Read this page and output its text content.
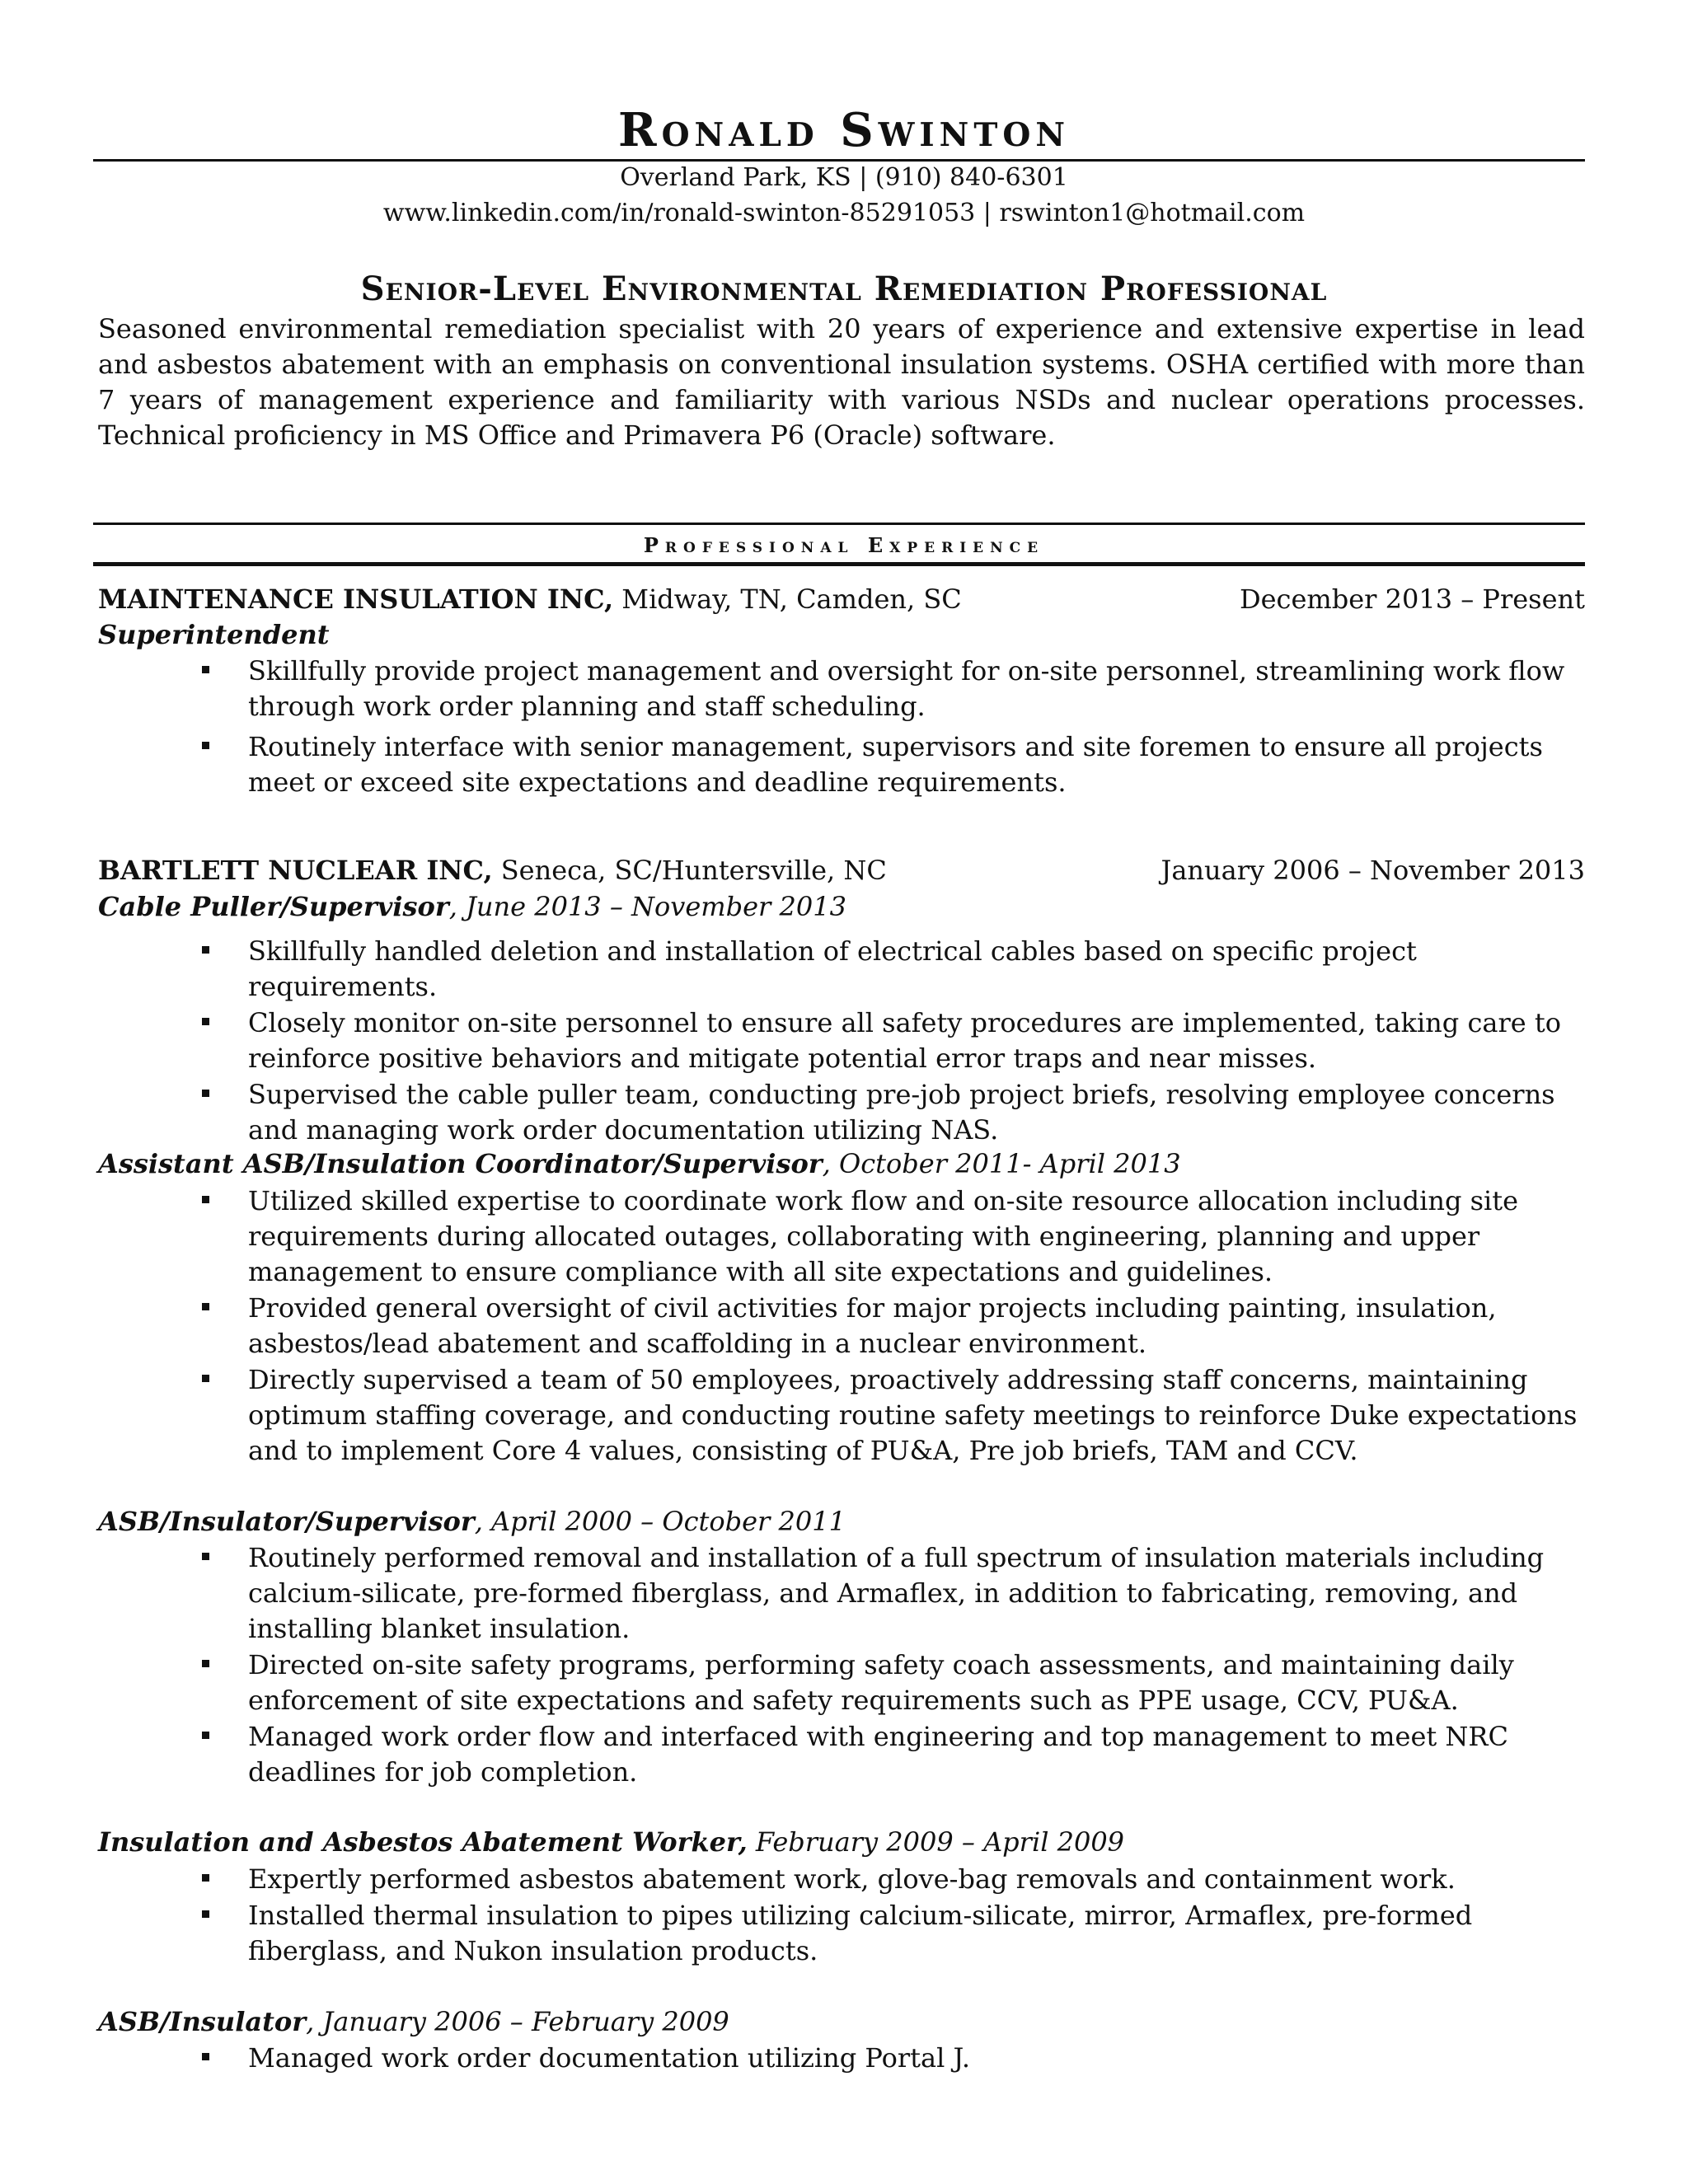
Ronald Swinton
Overland Park, KS | (910) 840-6301
www.linkedin.com/in/ronald-swinton-85291053 | rswinton1@hotmail.com
Senior-Level Environmental Remediation Professional
Seasoned environmental remediation specialist with 20 years of experience and extensive expertise in lead and asbestos abatement with an emphasis on conventional insulation systems. OSHA certified with more than 7 years of management experience and familiarity with various NSDs and nuclear operations processes. Technical proficiency in MS Office and Primavera P6 (Oracle) software.
Professional Experience
MAINTENANCE INSULATION INC, Midway, TN, Camden, SC	December 2013 – Present
Superintendent
Skillfully provide project management and oversight for on-site personnel, streamlining work flow through work order planning and staff scheduling.
Routinely interface with senior management, supervisors and site foremen to ensure all projects meet or exceed site expectations and deadline requirements.
BARTLETT NUCLEAR INC, Seneca, SC/Huntersville, NC	January 2006 – November 2013
Cable Puller/Supervisor, June 2013 – November 2013
Skillfully handled deletion and installation of electrical cables based on specific project requirements.
Closely monitor on-site personnel to ensure all safety procedures are implemented, taking care to reinforce positive behaviors and mitigate potential error traps and near misses.
Supervised the cable puller team, conducting pre-job project briefs, resolving employee concerns and managing work order documentation utilizing NAS.
Assistant ASB/Insulation Coordinator/Supervisor, October 2011- April 2013
Utilized skilled expertise to coordinate work flow and on-site resource allocation including site requirements during allocated outages, collaborating with engineering, planning and upper management to ensure compliance with all site expectations and guidelines.
Provided general oversight of civil activities for major projects including painting, insulation, asbestos/lead abatement and scaffolding in a nuclear environment.
Directly supervised a team of 50 employees, proactively addressing staff concerns, maintaining optimum staffing coverage, and conducting routine safety meetings to reinforce Duke expectations and to implement Core 4 values, consisting of PU&A, Pre job briefs, TAM and CCV.
ASB/Insulator/Supervisor, April 2000 – October 2011
Routinely performed removal and installation of a full spectrum of insulation materials including calcium-silicate, pre-formed fiberglass, and Armaflex, in addition to fabricating, removing, and installing blanket insulation.
Directed on-site safety programs, performing safety coach assessments, and maintaining daily enforcement of site expectations and safety requirements such as PPE usage, CCV, PU&A.
Managed work order flow and interfaced with engineering and top management to meet NRC deadlines for job completion.
Insulation and Asbestos Abatement Worker, February 2009 – April 2009
Expertly performed asbestos abatement work, glove-bag removals and containment work.
Installed thermal insulation to pipes utilizing calcium-silicate, mirror, Armaflex, pre-formed fiberglass, and Nukon insulation products.
ASB/Insulator, January 2006 – February 2009
Managed work order documentation utilizing Portal J.
